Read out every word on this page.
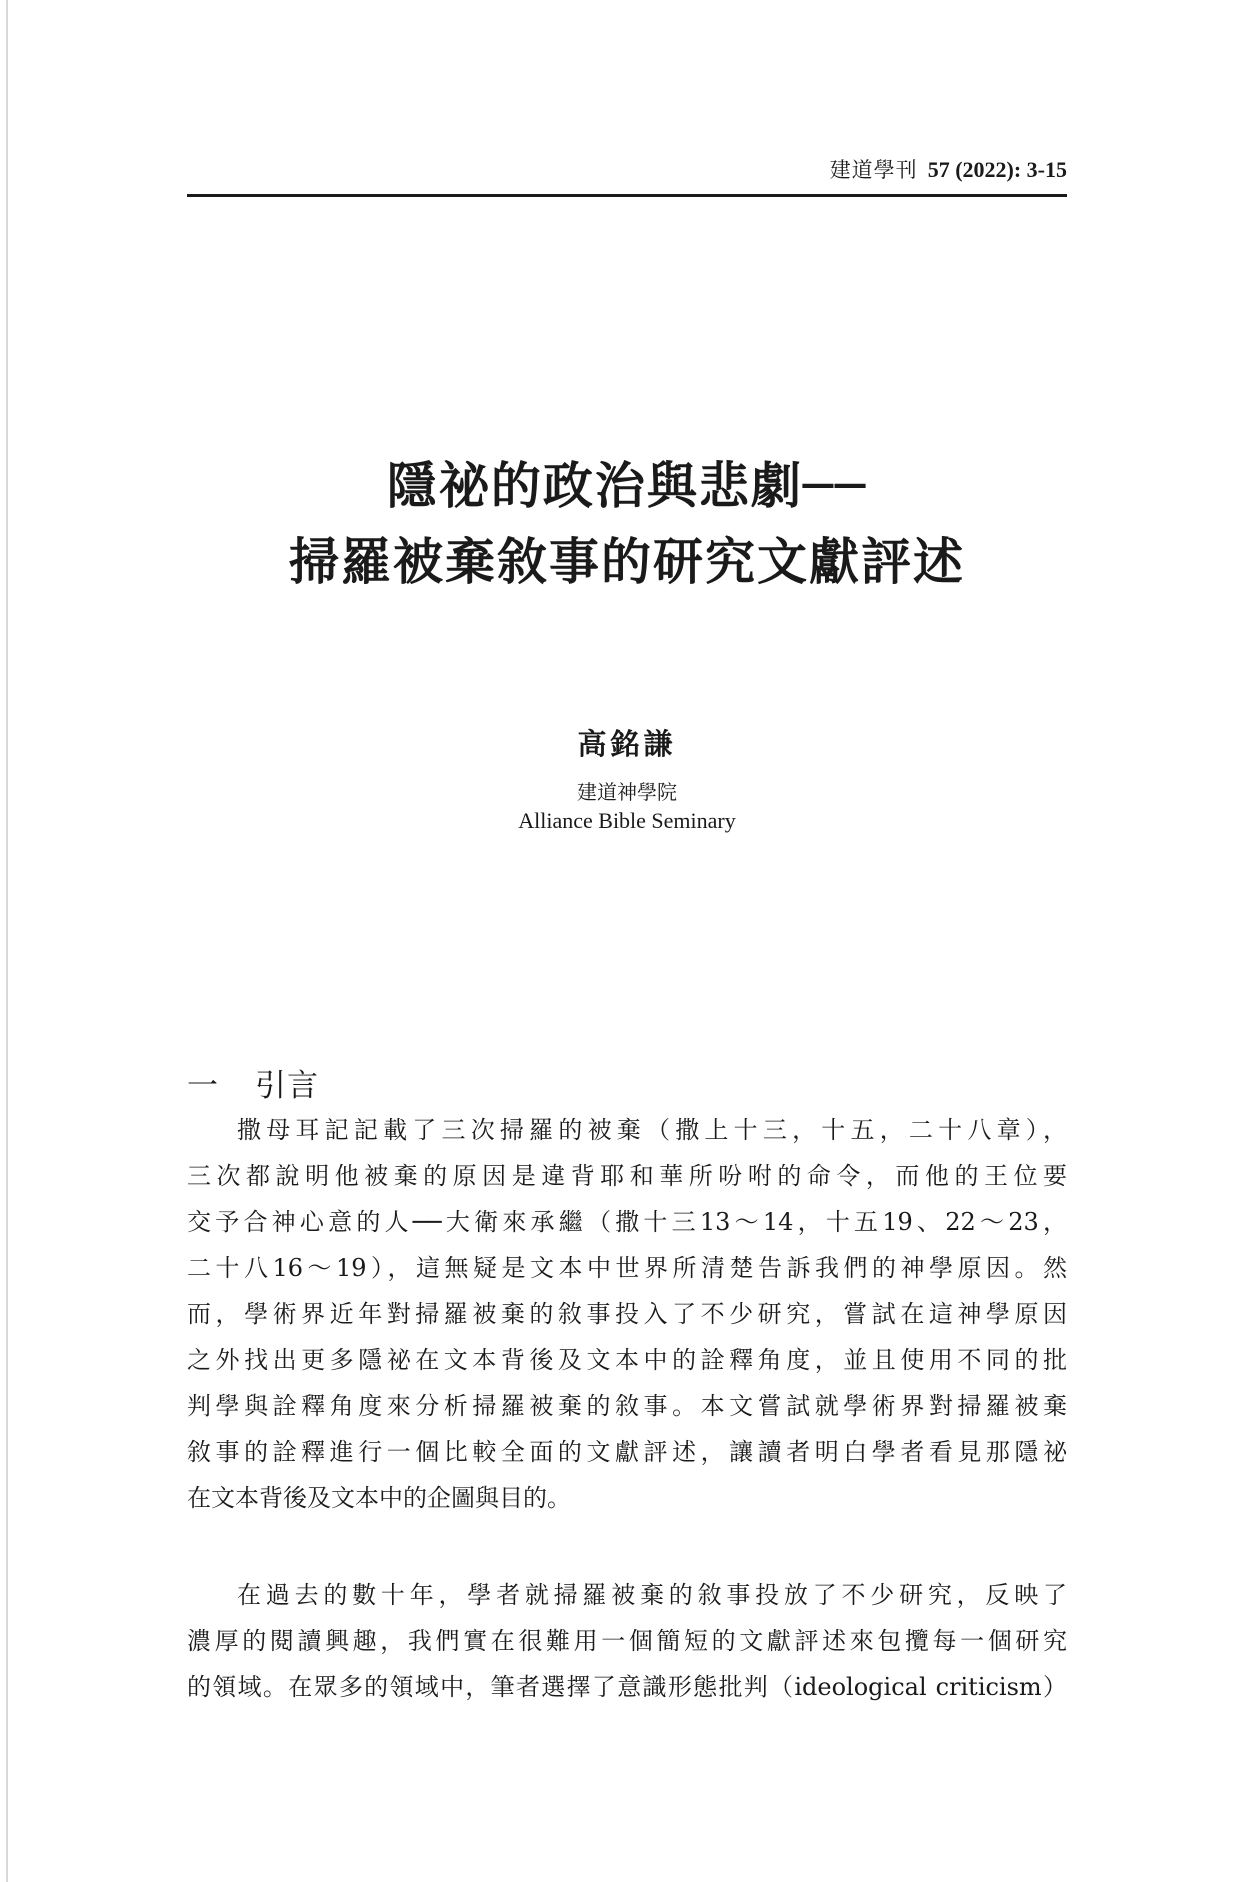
建道學刊 57 (2022): 3-15
隱祕的政治與悲劇──
掃羅被棄敘事的研究文獻評述
高銘謙
建道神學院
Alliance Bible Seminary
一 引言
撒母耳記記載了三次掃羅的被棄（撒上十三，十五，二十八章），
三次都說明他被棄的原因是違背耶和華所吩咐的命令，而他的王位要
交予合神心意的人──大衛來承繼（撒十三13～14，十五19、22～23，
二十八16～19），這無疑是文本中世界所清楚告訴我們的神學原因。然
而，學術界近年對掃羅被棄的敘事投入了不少研究，嘗試在這神學原因
之外找出更多隱祕在文本背後及文本中的詮釋角度，並且使用不同的批
判學與詮釋角度來分析掃羅被棄的敘事。本文嘗試就學術界對掃羅被棄
敘事的詮釋進行一個比較全面的文獻評述，讓讀者明白學者看見那隱祕
在文本背後及文本中的企圖與目的。
在過去的數十年，學者就掃羅被棄的敘事投放了不少研究，反映了
濃厚的閱讀興趣，我們實在很難用一個簡短的文獻評述來包攬每一個研究
的領域。在眾多的領域中，筆者選擇了意識形態批判（ideological criticism）
